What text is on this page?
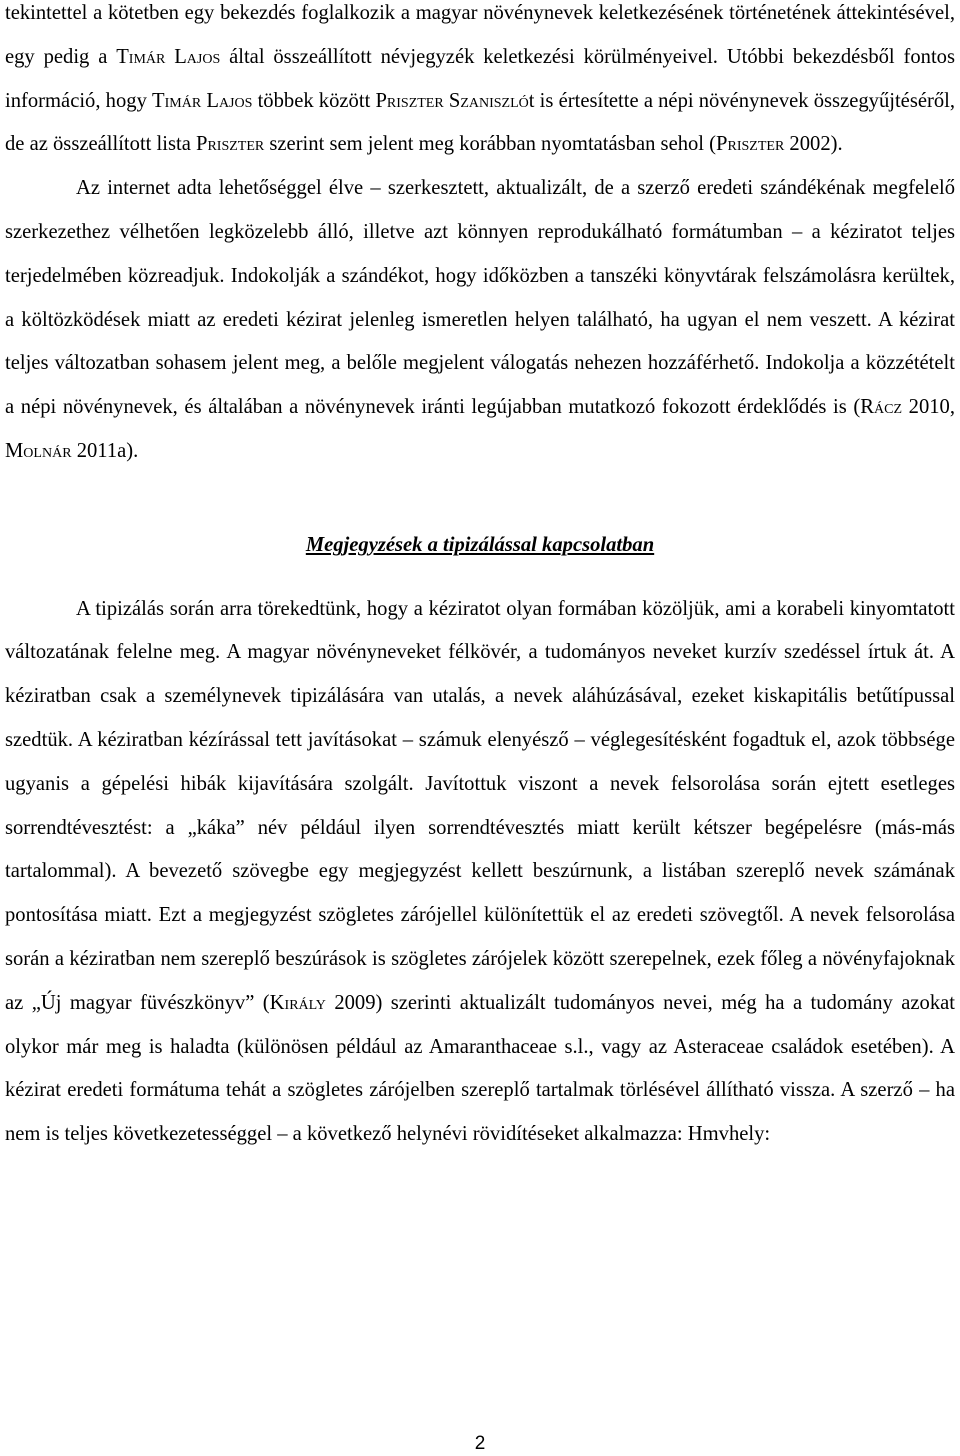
tekintettel a kötetben egy bekezdés foglalkozik a magyar növénynevek keletkezésének történetének áttekintésével, egy pedig a Timár Lajos által összeállított névjegyzék keletkezési körülményeivel. Utóbbi bekezdésből fontos információ, hogy Timár Lajos többek között Priszter Szaniszlót is értesítette a népi növénynevek összegyűjtéséről, de az összeállított lista Priszter szerint sem jelent meg korábban nyomtatásban sehol (Priszter 2002).

Az internet adta lehetőséggel élve – szerkesztett, aktualizált, de a szerző eredeti szándékénak megfelelő szerkezethez vélhetően legközelebb álló, illetve azt könnyen reprodukálható formátumban – a kéziratot teljes terjedelmében közreadjuk. Indokolják a szándékot, hogy időközben a tanszéki könyvtárak felszámolásra kerültek, a költözködések miatt az eredeti kézirat jelenleg ismeretlen helyen található, ha ugyan el nem veszett. A kézirat teljes változatban sohasem jelent meg, a belőle megjelent válogatás nehezen hozzáférhető. Indokolja a közzétételt a népi növénynevek, és általában a növénynevek iránti legújabban mutatkozó fokozott érdeklődés is (Rácz 2010, Molnár 2011a).

Megjegyzések a tipizálással kapcsolatban

A tipizálás során arra törekedtünk, hogy a kéziratot olyan formában közöljük, ami a korabeli kinyomtatott változatának felelne meg. A magyar növényneveket félkövér, a tudományos neveket kurzív szedéssel írtuk át. A kéziratban csak a személynevek tipizálására van utalás, a nevek aláhúzásával, ezeket kiskapitális betűtípussal szedtük. A kéziratban kézírással tett javításokat – számuk elenyésző – véglegesítésként fogadtuk el, azok többsége ugyanis a gépelési hibák kijavítására szolgált. Javítottuk viszont a nevek felsorolása során ejtett esetleges sorrendtévesztést: a „káka” név például ilyen sorrendtévesztés miatt került kétszer begépelésre (más-más tartalommal). A bevezető szövegbe egy megjegyzést kellett beszúrnunk, a listában szereplő nevek számának pontosítása miatt. Ezt a megjegyzést szögletes zárójellel különítettük el az eredeti szövegtől. A nevek felsorolása során a kéziratban nem szereplő beszúrások is szögletes zárójelek között szerepelnek, ezek főleg a növényfajoknak az „Új magyar füvészkönyv” (Király 2009) szerinti aktualizált tudományos nevei, még ha a tudomány azokat olykor már meg is haladta (különösen például az Amaranthaceae s.l., vagy az Asteraceae családok esetében). A kézirat eredeti formátuma tehát a szögletes zárójelben szereplő tartalmak törlésével állítható vissza. A szerző – ha nem is teljes következetességgel – a következő helynévi rövidítéseket alkalmazza: Hmvhely:

2
